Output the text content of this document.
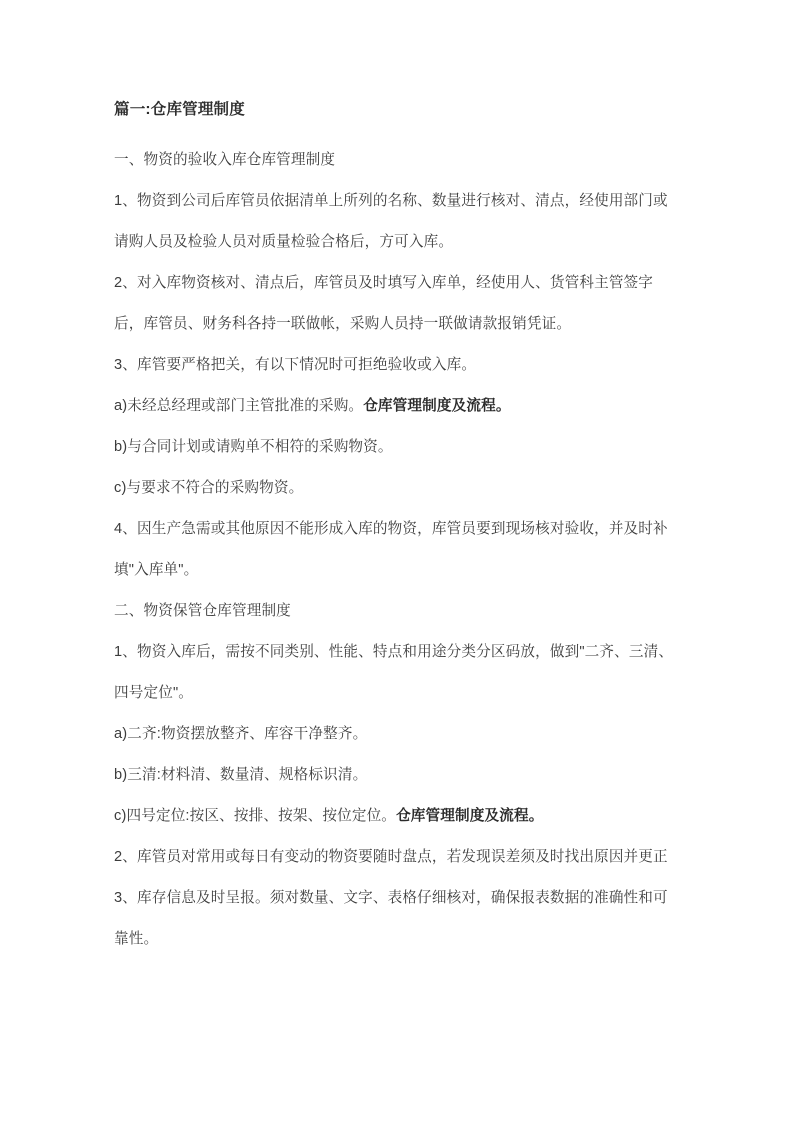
篇一:仓库管理制度

一、物资的验收入库仓库管理制度

1、物资到公司后库管员依据清单上所列的名称、数量进行核对、清点，经使用部门或请购人员及检验人员对质量检验合格后，方可入库。

2、对入库物资核对、清点后，库管员及时填写入库单，经使用人、货管科主管签字后，库管员、财务科各持一联做帐，采购人员持一联做请款报销凭证。

3、库管要严格把关，有以下情况时可拒绝验收或入库。

a)未经总经理或部门主管批准的采购。仓库管理制度及流程。

b)与合同计划或请购单不相符的采购物资。

c)与要求不符合的采购物资。

4、因生产急需或其他原因不能形成入库的物资，库管员要到现场核对验收，并及时补填"入库单"。

二、物资保管仓库管理制度

1、物资入库后，需按不同类别、性能、特点和用途分类分区码放，做到"二齐、三清、四号定位"。

a)二齐:物资摆放整齐、库容干净整齐。

b)三清:材料清、数量清、规格标识清。

c)四号定位:按区、按排、按架、按位定位。仓库管理制度及流程。

2、库管员对常用或每日有变动的物资要随时盘点，若发现误差须及时找出原因并更正

3、库存信息及时呈报。须对数量、文字、表格仔细核对，确保报表数据的准确性和可靠性。
